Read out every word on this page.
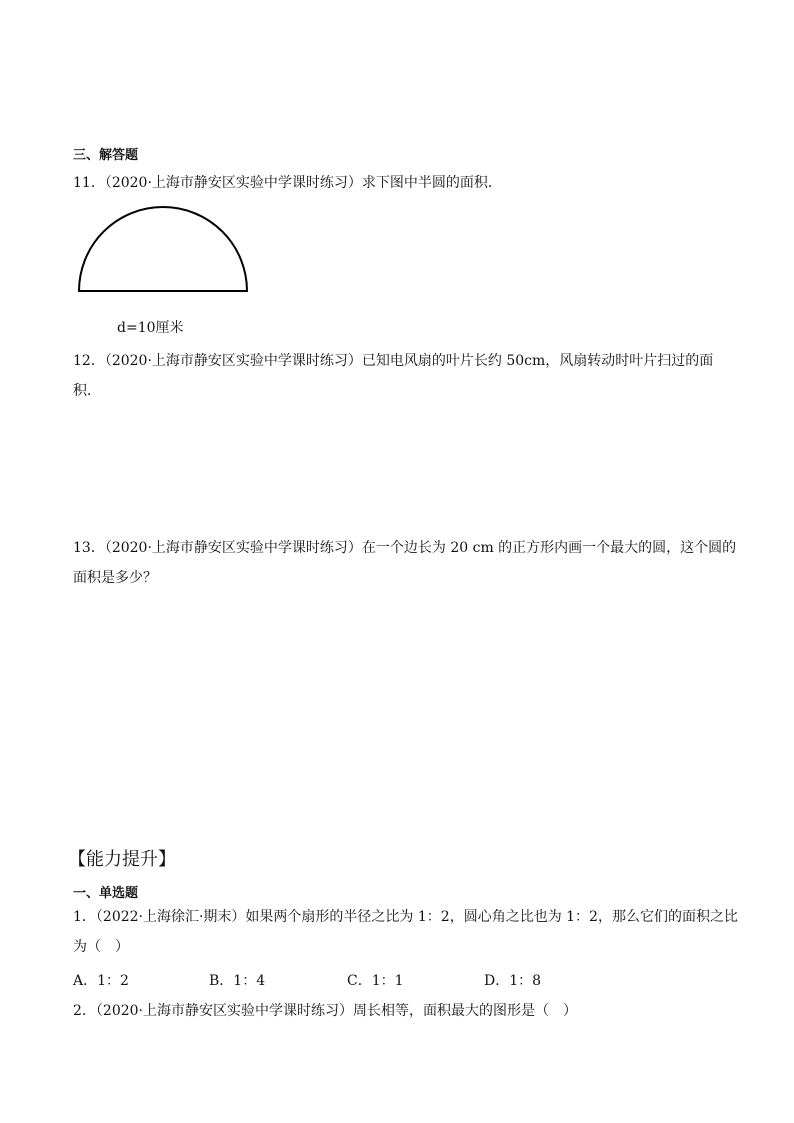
三、解答题
11．（2020·上海市静安区实验中学课时练习）求下图中半圆的面积．
d=10厘米
12．（2020·上海市静安区实验中学课时练习）已知电风扇的叶片长约 50cm，风扇转动时叶片扫过的面
积．
13．（2020·上海市静安区实验中学课时练习）在一个边长为 20 cm 的正方形内画一个最大的圆，这个圆的
面积是多少？
【能力提升】
一、单选题
1．（2022·上海徐汇·期末）如果两个扇形的半径之比为 1：2，圆心角之比也为 1：2，那么它们的面积之比
为（　）
A．1：2	B．1：4	C．1：1	D．1：8
2．（2020·上海市静安区实验中学课时练习）周长相等，面积最大的图形是（　）
